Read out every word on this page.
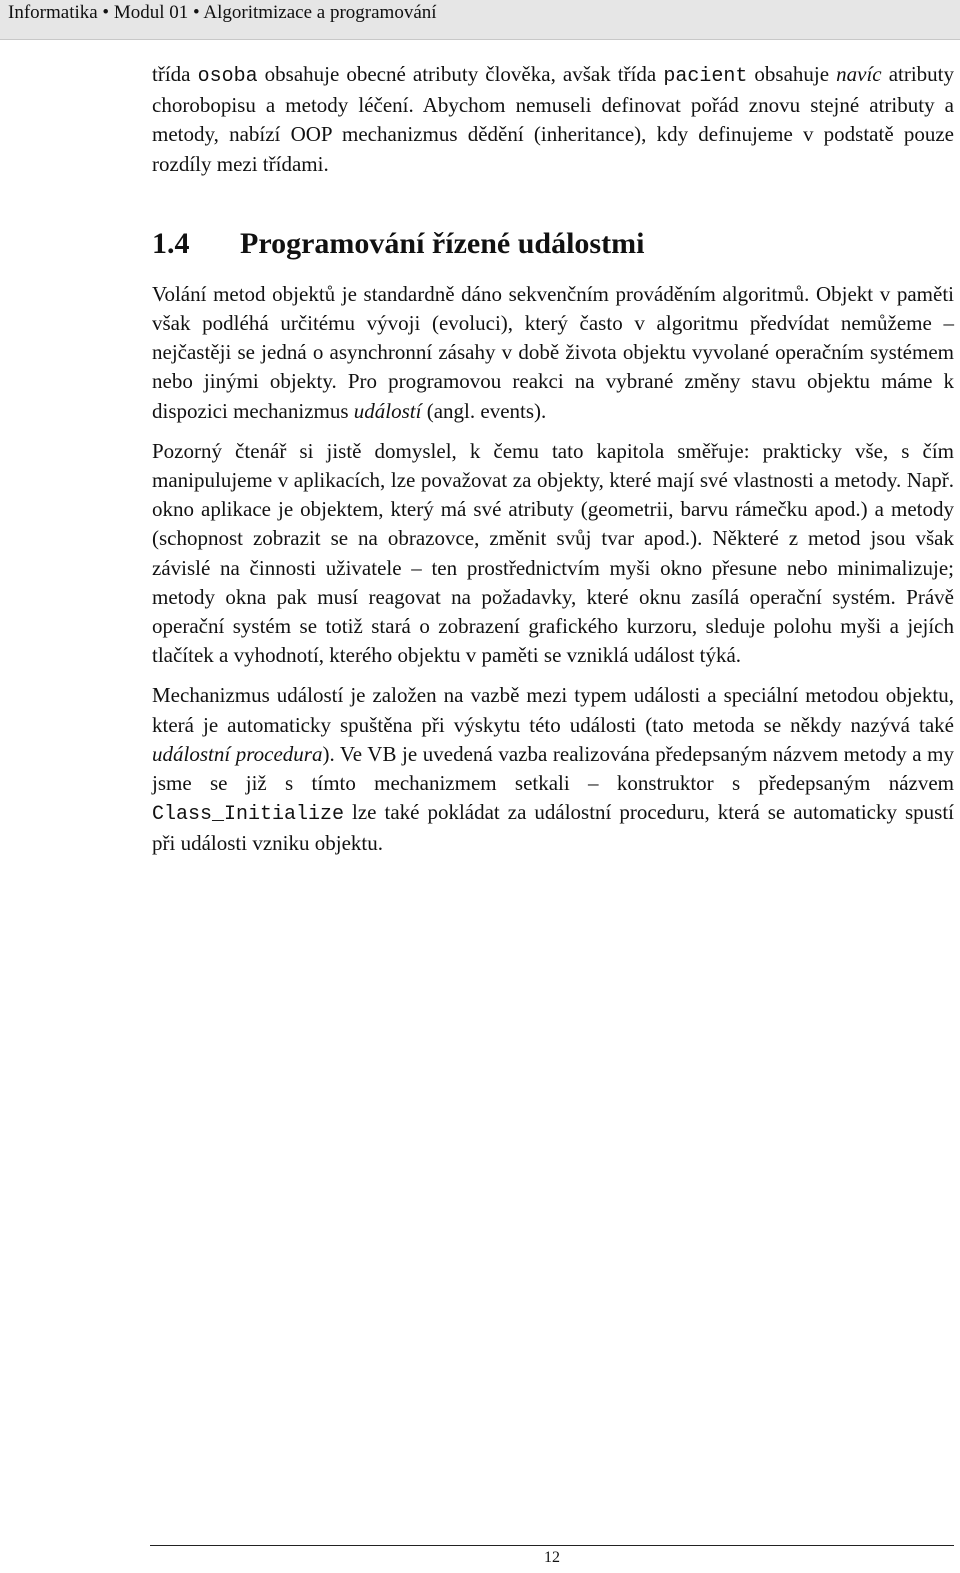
Informatika • Modul 01 • Algoritmizace a programování

třída osoba obsahuje obecné atributy člověka, avšak třída pacient obsahuje navíc atributy chorobopisu a metody léčení. Abychom nemuseli definovat pořád znovu stejné atributy a metody, nabízí OOP mechanizmus dědění (inheritance), kdy definujeme v podstatě pouze rozdíly mezi třídami.

1.4 Programování řízené událostmi

Volání metod objektů je standardně dáno sekvenčním prováděním algoritmů. Objekt v paměti však podléhá určitému vývoji (evoluci), který často v algoritmu předvídat nemůžeme – nejčastěji se jedná o asynchronní zásahy v době života objektu vyvolané operačním systémem nebo jinými objekty. Pro programovou reakci na vybrané změny stavu objektu máme k dispozici mechanizmus událostí (angl. events).

Pozorný čtenář si jistě domyslel, k čemu tato kapitola směřuje: prakticky vše, s čím manipulujeme v aplikacích, lze považovat za objekty, které mají své vlastnosti a metody. Např. okno aplikace je objektem, který má své atributy (geometrii, barvu rámečku apod.) a metody (schopnost zobrazit se na obrazovce, změnit svůj tvar apod.). Některé z metod jsou však závislé na činnosti uživatele – ten prostřednictvím myši okno přesune nebo minimalizuje; metody okna pak musí reagovat na požadavky, které oknu zasílá operační systém. Právě operační systém se totiž stará o zobrazení grafického kurzoru, sleduje polohu myši a jejích tlačítek a vyhodnotí, kterého objektu v paměti se vzniklá událost týká.

Mechanizmus událostí je založen na vazbě mezi typem události a speciální metodou objektu, která je automaticky spuštěna při výskytu této události (tato metoda se někdy nazývá také událostní procedura). Ve VB je uvedená vazba realizována předepsaným názvem metody a my jsme se již s tímto mechanizmem setkali – konstruktor s předepsaným názvem Class_Initialize lze také pokládat za událostní proceduru, která se automaticky spustí při události vzniku objektu.

12
